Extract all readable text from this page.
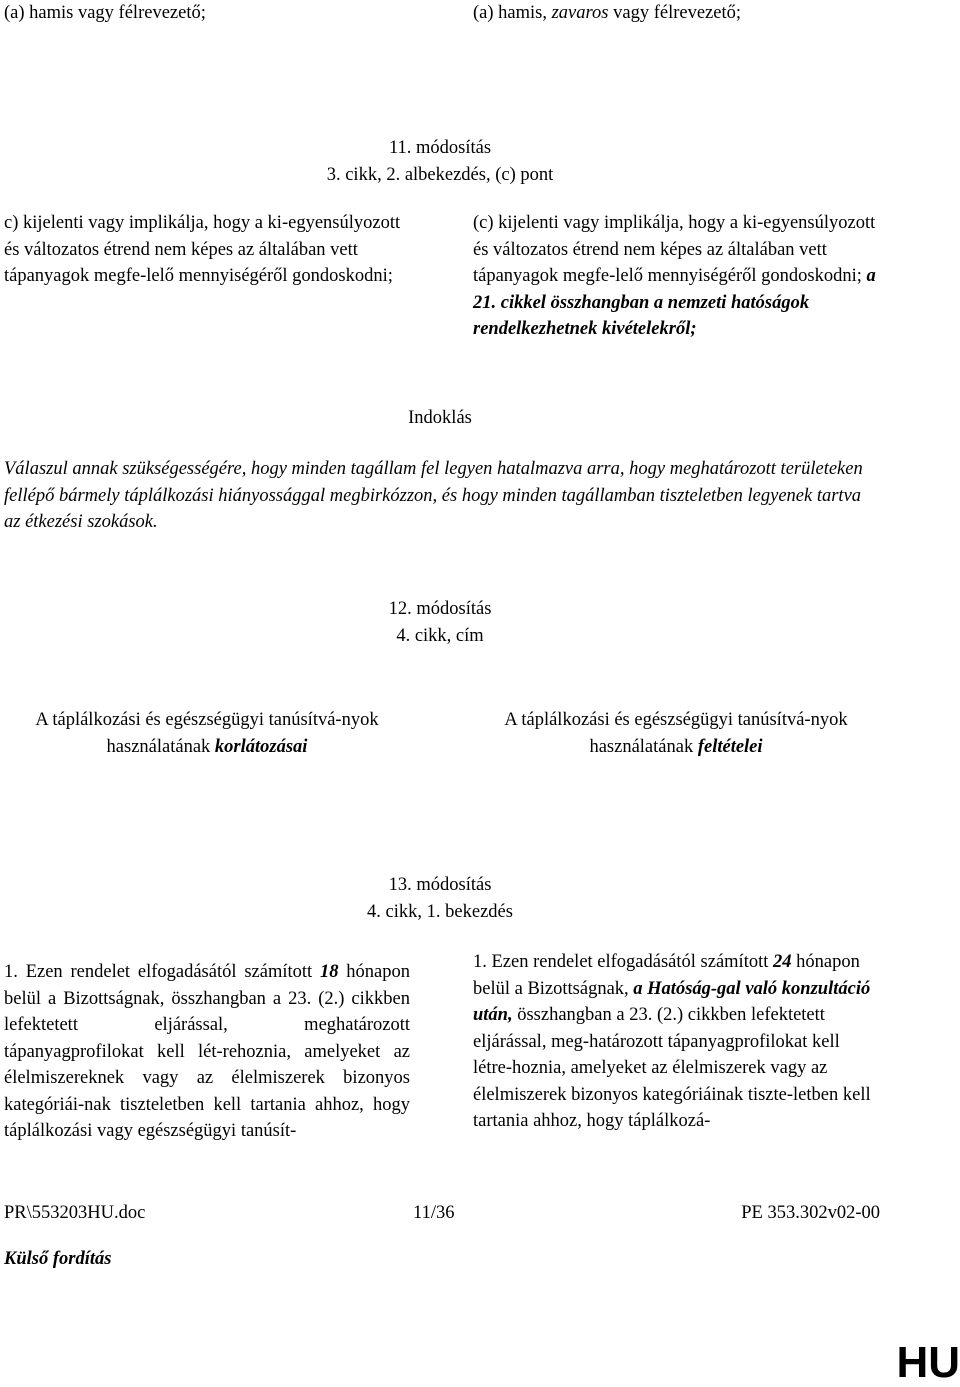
(a) hamis vagy félrevezető;	(a) hamis, zavaros vagy félrevezető;
11. módosítás
3. cikk, 2. albekezdés, (c) pont

c) kijelenti vagy implikálja, hogy a ki-egyensúlyozott és változatos étrend nem képes az általában vett tápanyagok megfe-lelő mennyiségéről gondoskodni;

(c) kijelenti vagy implikálja, hogy a ki-egyensúlyozott és változatos étrend nem képes az általában vett tápanyagok megfe-lelő mennyiségéről gondoskodni; a 21. cikkel összhangban a nemzeti hatóságok rendelkezhetnek kivételekről;

Indoklás

Válaszul annak szükségességére, hogy minden tagállam fel legyen hatalmazva arra, hogy meghatározott területeken fellépő bármely táplálkozási hiányossággal megbirkózzon, és hogy minden tagállamban tiszteletben legyenek tartva az étkezési szokások.

12. módosítás
4. cikk, cím
A táplálkozási és egészségügyi tanúsítvá-nyok használatának korlátozásai
A táplálkozási és egészségügyi tanúsítvá-nyok használatának feltételei
13. módosítás
4. cikk, 1. bekezdés

1. Ezen rendelet elfogadásától számított 18 hónapon belül a Bizottságnak, összhangban a 23. (2.) cikkben lefektetett eljárással, meghatározott tápanyagprofilokat kell lét-rehoznia, amelyeket az élelmiszereknek vagy az élelmiszerek bizonyos kategóriái-nak tiszteletben kell tartania ahhoz, hogy táplálkozási vagy egészségügyi tanúsít-

1. Ezen rendelet elfogadásától számított 24 hónapon belül a Bizottságnak, a Hatóság-gal való konzultáció után, összhangban a 23. (2.) cikkben lefektetett eljárással, meg-határozott tápanyagprofilokat kell létre-hoznia, amelyeket az élelmiszerek vagy az élelmiszerek bizonyos kategóriáinak tiszte-letben kell tartania ahhoz, hogy táplálkozá-

PR\553203HU.doc	11/36	PE 353.302v02-00
Külső fordítás
HU
